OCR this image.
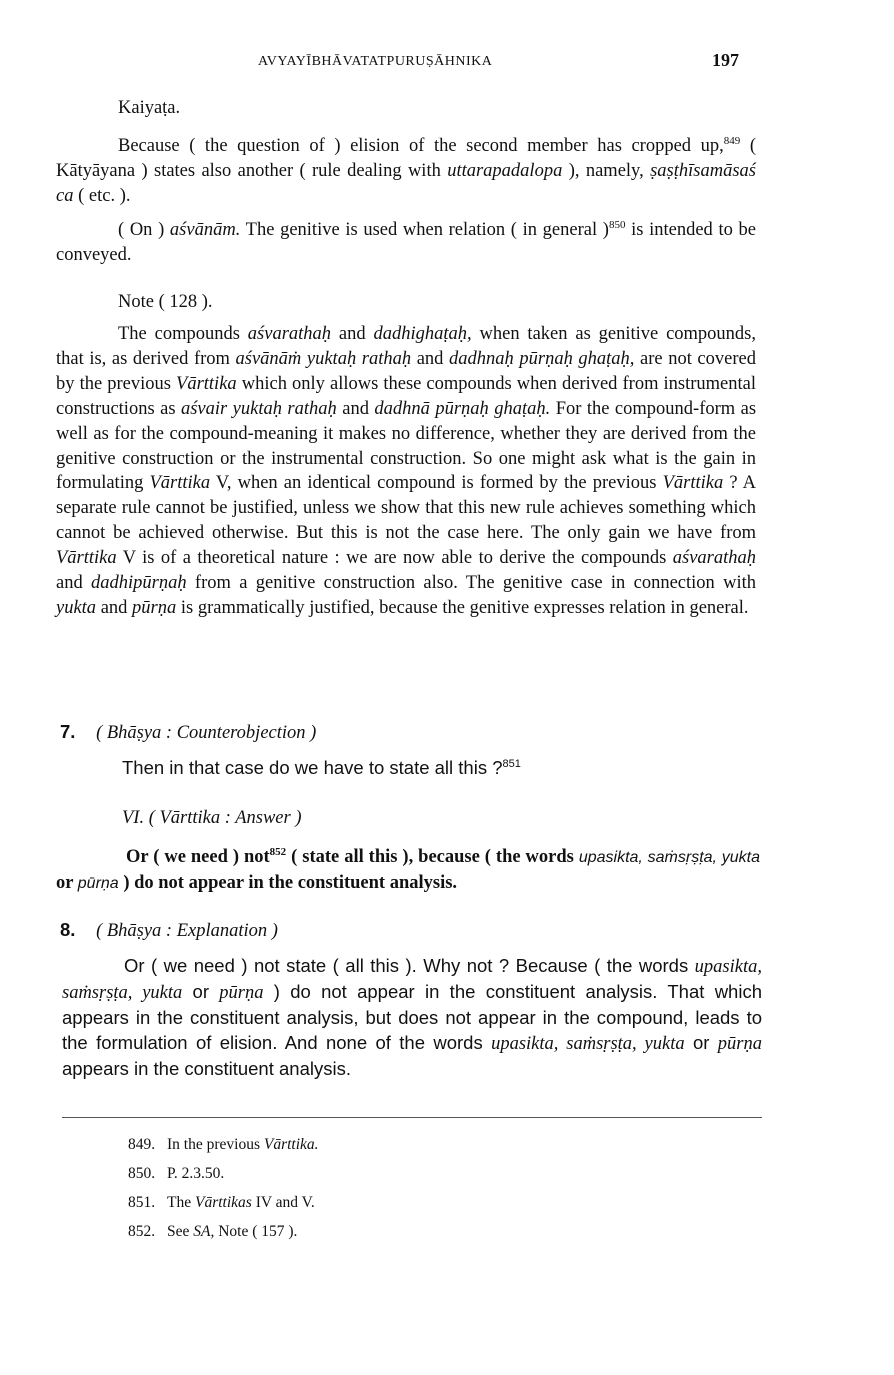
AVYAYĪBHĀVATATPURUṢĀHNIKA	197

Kaiyaṭa.

Because ( the question of ) elision of the second member has cropped up,$^{849}$ ( Kātyāyana ) states also another ( rule dealing with uttarapadalopa ), namely, ṣaṣṭhīsamāsaś ca ( etc. ).

( On ) aśvānām. The genitive is used when relation ( in general )$^{850}$ is intended to be conveyed.

Note ( 128 ).

The compounds aśvarathaḥ and dadhighaṭaḥ, when taken as genitive compounds, that is, as derived from aśvānāṁ yuktaḥ rathaḥ and dadhnaḥ pūrṇaḥ ghaṭaḥ, are not covered by the previous Vārttika which only allows these compounds when derived from instrumental constructions as aśvair yuktaḥ rathaḥ and dadhnā pūrṇaḥ ghaṭaḥ. For the compound-form as well as for the compound-meaning it makes no difference, whether they are derived from the genitive construction or the instrumental construction. So one might ask what is the gain in formulating Vārttika V, when an identical compound is formed by the previous Vārttika ? A separate rule cannot be justified, unless we show that this new rule achieves something which cannot be achieved otherwise. But this is not the case here. The only gain we have from Vārttika V is of a theoretical nature : we are now able to derive the compounds aśvarathaḥ and dadhipūrṇaḥ from a genitive construction also. The genitive case in connection with yukta and pūrṇa is grammatically justified, because the genitive expresses relation in general.

7. ( Bhāṣya : Counterobjection )

Then in that case do we have to state all this ?$^{851}$

VI. ( Vārttika : Answer )

Or ( we need ) not$^{852}$ ( state all this ), because ( the words upasikta, saṁsṛṣṭa, yukta or pūrṇa ) do not appear in the constituent analysis.

8. ( Bhāṣya : Explanation )

Or ( we need ) not state ( all this ). Why not ? Because ( the words upasikta, saṁsṛṣṭa, yukta or pūrṇa ) do not appear in the constituent analysis. That which appears in the constituent analysis, but does not appear in the compound, leads to the formulation of elision. And none of the words upasikta, saṁsṛṣṭa, yukta or pūrṇa appears in the constituent analysis.

849. In the previous Vārttika.
850. P. 2.3.50.
851. The Vārttikas IV and V.
852. See SA, Note ( 157 ).
